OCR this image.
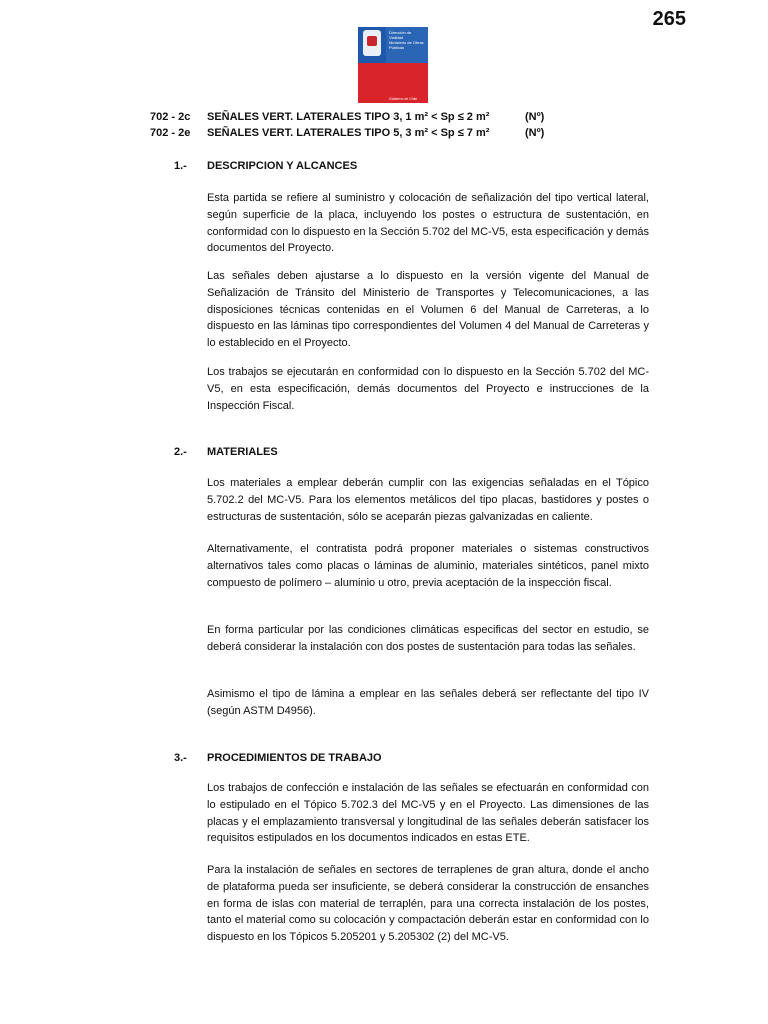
265
Dirección de
Vialidad
Ministerio de Obras
Públicas
Gobierno de Chile
702 - 2c SEÑALES VERT. LATERALES TIPO 3, 1 m² < Sp ≤ 2 m²	(Nº)
702 - 2e SEÑALES VERT. LATERALES TIPO 5, 3 m² < Sp ≤ 7 m²	(Nº)
1.- DESCRIPCION Y ALCANCES

Esta partida se refiere al suministro y colocación de señalización del tipo vertical lateral, según superficie de la placa, incluyendo los postes o estructura de sustentación, en conformidad con lo dispuesto en la Sección 5.702 del MC-V5, esta especificación y demás documentos del Proyecto.

Las señales deben ajustarse a lo dispuesto en la versión vigente del Manual de Señalización de Tránsito del Ministerio de Transportes y Telecomunicaciones, a las disposiciones técnicas contenidas en el Volumen 6 del Manual de Carreteras, a lo dispuesto en las láminas tipo correspondientes del Volumen 4 del Manual de Carreteras y lo establecido en el Proyecto.

Los trabajos se ejecutarán en conformidad con lo dispuesto en la Sección 5.702 del MC-V5, en esta especificación, demás documentos del Proyecto e instrucciones de la Inspección Fiscal.

2.- MATERIALES

Los materiales a emplear deberán cumplir con las exigencias señaladas en el Tópico 5.702.2 del MC-V5. Para los elementos metálicos del tipo placas, bastidores y postes o estructuras de sustentación, sólo se aceparán piezas galvanizadas en caliente.

Alternativamente, el contratista podrá proponer materiales o sistemas constructivos alternativos tales como placas o láminas de aluminio, materiales sintéticos, panel mixto compuesto de polímero – aluminio u otro, previa aceptación de la inspección fiscal.

En forma particular por las condiciones climáticas especificas del sector en estudio, se deberá considerar la instalación con dos postes de sustentación para todas las señales.

Asimismo el tipo de lámina a emplear en las señales deberá ser reflectante del tipo IV (según ASTM D4956).

3.- PROCEDIMIENTOS DE TRABAJO

Los trabajos de confección e instalación de las señales se efectuarán en conformidad con lo estipulado en el Tópico 5.702.3 del MC-V5 y en el Proyecto. Las dimensiones de las placas y el emplazamiento transversal y longitudinal de las señales deberán satisfacer los requisitos estipulados en los documentos indicados en estas ETE.

Para la instalación de señales en sectores de terraplenes de gran altura, donde el ancho de plataforma pueda ser insuficiente, se deberá considerar la construcción de ensanches en forma de islas con material de terraplén, para una correcta instalación de los postes, tanto el material como su colocación y compactación deberán estar en conformidad con lo dispuesto en los Tópicos 5.205201 y 5.205302 (2) del MC-V5.
